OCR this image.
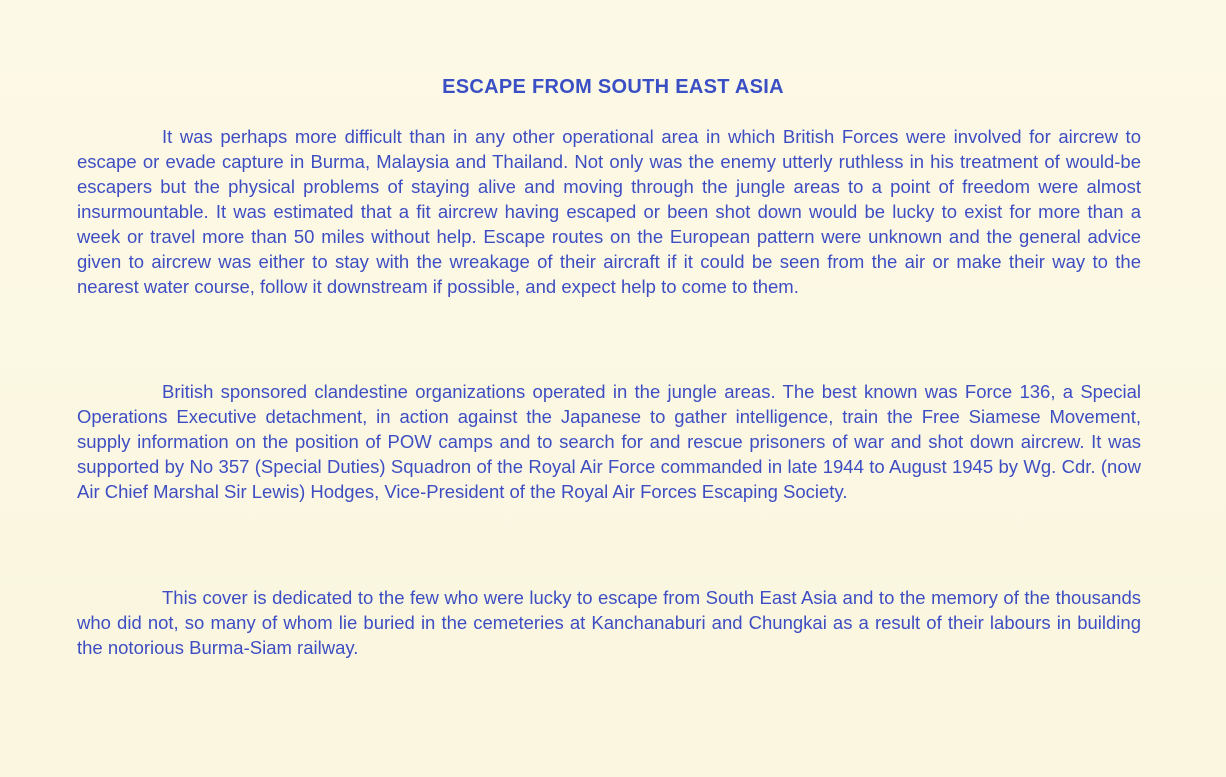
ESCAPE FROM SOUTH EAST ASIA

It was perhaps more difficult than in any other operational area in which British Forces were involved for aircrew to escape or evade capture in Burma, Malaysia and Thailand. Not only was the enemy utterly ruthless in his treatment of would-be escapers but the physical problems of staying alive and moving through the jungle areas to a point of freedom were almost insurmountable. It was estimated that a fit aircrew having escaped or been shot down would be lucky to exist for more than a week or travel more than 50 miles without help. Escape routes on the European pattern were unknown and the general advice given to aircrew was either to stay with the wreakage of their aircraft if it could be seen from the air or make their way to the nearest water course, follow it downstream if possible, and expect help to come to them.

British sponsored clandestine organizations operated in the jungle areas. The best known was Force 136, a Special Operations Executive detachment, in action against the Japanese to gather intelligence, train the Free Siamese Movement, supply information on the position of POW camps and to search for and rescue prisoners of war and shot down aircrew. It was supported by No 357 (Special Duties) Squadron of the Royal Air Force commanded in late 1944 to August 1945 by Wg. Cdr. (now Air Chief Marshal Sir Lewis) Hodges, Vice-President of the Royal Air Forces Escaping Society.

This cover is dedicated to the few who were lucky to escape from South East Asia and to the memory of the thousands who did not, so many of whom lie buried in the cemeteries at Kanchanaburi and Chungkai as a result of their labours in building the notorious Burma-Siam railway.
